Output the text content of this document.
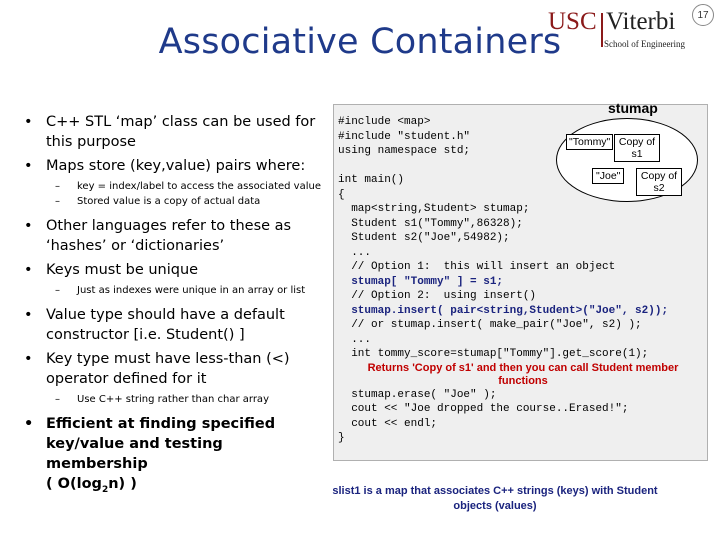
17
USC Viterbi
School of Engineering
Associative Containers
• C++ STL ‘map’ class can be used for this purpose
• Maps store (key,value) pairs where:
– key = index/label to access the associated value
– Stored value is a copy of actual data
• Other languages refer to these as ‘hashes’ or ‘dictionaries’
• Keys must be unique
– Just as indexes were unique in an array or list
• Value type should have a default constructor [i.e. Student() ]
• Key type must have less-than (<) operator defined for it
– Use C++ string rather than char array
• Efficient at finding specified key/value and testing membership
( $O(\log_2n)$ )
#include <map>
#include "student.h"
using namespace std;

int main()
{
map<string,Student> stumap;
Student s1("Tommy",86328);
Student s2("Joe",54982);
...
// Option 1:  this will insert an object
stumap[ "Tommy" ] = s1;
// Option 2:  using insert()
stumap.insert( pair<string,Student>("Joe", s2));
// or stumap.insert( make_pair("Joe", s2) );
...
int tommy_score=stumap["Tommy"].get_score(1);
Returns 'Copy of s1' and then you can call Student member functions
stumap.erase( "Joe" );
cout << "Joe dropped the course..Erased!";
cout << endl;
}
stumap
"Tommy" Copy of s1
"Joe"	Copy of s2
slist1 is a map that associates C++ strings (keys) with Student objects (values)
